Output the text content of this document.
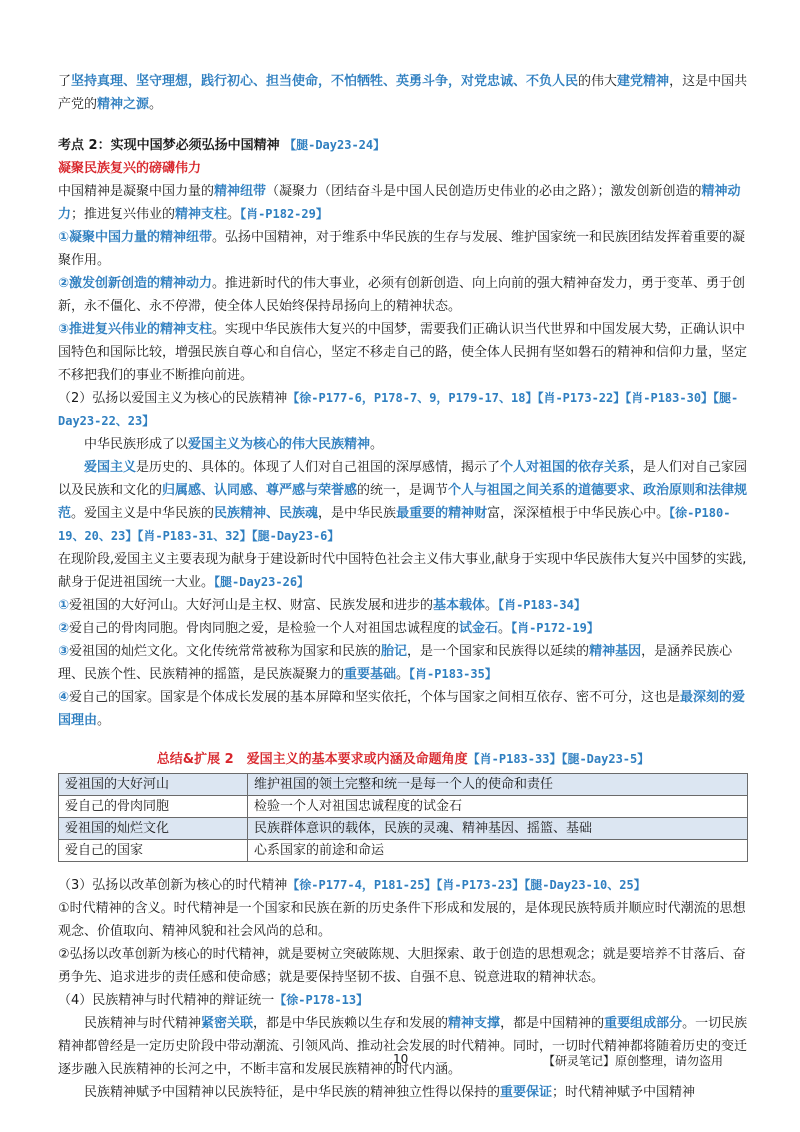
了坚持真理、坚守理想，践行初心、担当使命，不怕牺牲、英勇斗争，对党忠诚、不负人民的伟大建党精神，这是中国共产党的精神之源。

考点 2：实现中国梦必须弘扬中国精神 【腿-Day23-24】

凝聚民族复兴的磅礴伟力

中国精神是凝聚中国力量的精神纽带（凝聚力（团结奋斗是中国人民创造历史伟业的必由之路）；激发创新创造的精神动力；推进复兴伟业的精神支柱。【肖-P182-29】

①凝聚中国力量的精神纽带。弘扬中国精神，对于维系中华民族的生存与发展、维护国家统一和民族团结发挥着重要的凝聚作用。

②激发创新创造的精神动力。推进新时代的伟大事业，必须有创新创造、向上向前的强大精神奋发力，勇于变革、勇于创新，永不僵化、永不停滞，使全体人民始终保持昂扬向上的精神状态。

③推进复兴伟业的精神支柱。实现中华民族伟大复兴的中国梦，需要我们正确认识当代世界和中国发展大势，正确认识中国特色和国际比较，增强民族自尊心和自信心，坚定不移走自己的路，使全体人民拥有坚如磐石的精神和信仰力量，坚定不移把我们的事业不断推向前进。

（2）弘扬以爱国主义为核心的民族精神【徐-P177-6，P178-7、9，P179-17、18】【肖-P173-22】【肖-P183-30】【腿-Day23-22、23】

中华民族形成了以爱国主义为核心的伟大民族精神。

爱国主义是历史的、具体的。体现了人们对自己祖国的深厚感情，揭示了个人对祖国的依存关系，是人们对自己家园以及民族和文化的归属感、认同感、尊严感与荣誉感的统一，是调节个人与祖国之间关系的道德要求、政治原则和法律规范。爱国主义是中华民族的民族精神、民族魂，是中华民族最重要的精神财富，深深植根于中华民族心中。【徐-P180-19、20、23】【肖-P183-31、32】【腿-Day23-6】

在现阶段,爱国主义主要表现为献身于建设新时代中国特色社会主义伟大事业,献身于实现中华民族伟大复兴中国梦的实践,献身于促进祖国统一大业。【腿-Day23-26】

①爱祖国的大好河山。大好河山是主权、财富、民族发展和进步的基本载体。【肖-P183-34】

②爱自己的骨肉同胞。骨肉同胞之爱，是检验一个人对祖国忠诚程度的试金石。【肖-P172-19】

③爱祖国的灿烂文化。文化传统常常被称为国家和民族的胎记，是一个国家和民族得以延续的精神基因，是涵养民族心理、民族个性、民族精神的摇篮，是民族凝聚力的重要基础。【肖-P183-35】

④爱自己的国家。国家是个体成长发展的基本屏障和坚实依托，个体与国家之间相互依存、密不可分，这也是最深刻的爱国理由。

总结&扩展 2　爱国主义的基本要求或内涵及命题角度【肖-P183-33】【腿-Day23-5】

爱祖国的大好河山	维护祖国的领土完整和统一是每一个人的使命和责任
爱自己的骨肉同胞	检验一个人对祖国忠诚程度的试金石
爱祖国的灿烂文化	民族群体意识的载体，民族的灵魂、精神基因、摇篮、基础
爱自己的国家	心系国家的前途和命运

（3）弘扬以改革创新为核心的时代精神【徐-P177-4，P181-25】【肖-P173-23】【腿-Day23-10、25】

①时代精神的含义。时代精神是一个国家和民族在新的历史条件下形成和发展的，是体现民族特质并顺应时代潮流的思想观念、价值取向、精神风貌和社会风尚的总和。

②弘扬以改革创新为核心的时代精神，就是要树立突破陈规、大胆探索、敢于创造的思想观念；就是要培养不甘落后、奋勇争先、追求进步的责任感和使命感；就是要保持坚韧不拔、自强不息、锐意进取的精神状态。

（4）民族精神与时代精神的辩证统一【徐-P178-13】

民族精神与时代精神紧密关联，都是中华民族赖以生存和发展的精神支撑，都是中国精神的重要组成部分。一切民族精神都曾经是一定历史阶段中带动潮流、引领风尚、推动社会发展的时代精神。同时，一切时代精神都将随着历史的变迁逐步融入民族精神的长河之中，不断丰富和发展民族精神的时代内涵。

民族精神赋予中国精神以民族特征，是中华民族的精神独立性得以保持的重要保证；时代精神赋予中国精神

10	【研灵笔记】原创整理，请勿盗用
